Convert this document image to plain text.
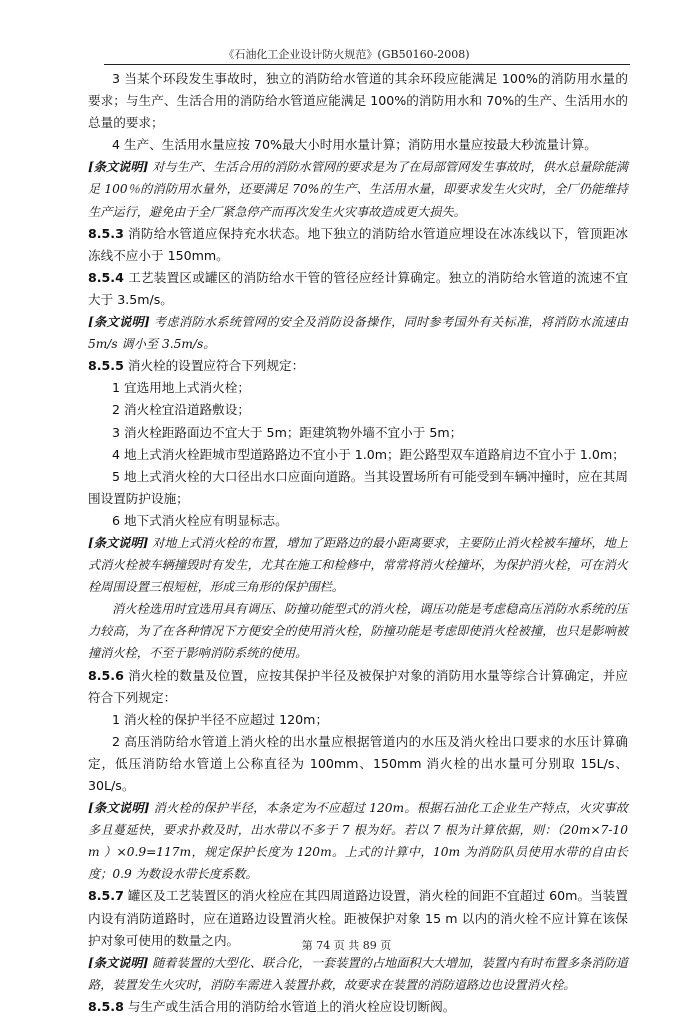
《石油化工企业设计防火规范》(GB50160-2008)

3 当某个环段发生事故时，独立的消防给水管道的其余环段应能满足 100%的消防用水量的要求；与生产、生活合用的消防给水管道应能满足 100%的消防用水和 70%的生产、生活用水的总量的要求；

4 生产、生活用水量应按 70%最大小时用水量计算；消防用水量应按最大秒流量计算。

[条文说明] 对与生产、生活合用的消防水管网的要求是为了在局部管网发生事故时，供水总量除能满足 100％的消防用水量外，还要满足 70%的生产、生活用水量，即要求发生火灾时，全厂仍能维持生产运行，避免由于全厂紧急停产而再次发生火灾事故造成更大损失。

8.5.3 消防给水管道应保持充水状态。地下独立的消防给水管道应埋设在冰冻线以下，管顶距冰冻线不应小于 150mm。

8.5.4 工艺装置区或罐区的消防给水干管的管径应经计算确定。独立的消防给水管道的流速不宜大于 3.5m/s。

[条文说明] 考虑消防水系统管网的安全及消防设备操作，同时参考国外有关标准，将消防水流速由 5m/s 调小至 3.5m/s。

8.5.5 消火栓的设置应符合下列规定：

1 宜选用地上式消火栓；

2 消火栓宜沿道路敷设；

3 消火栓距路面边不宜大于 5m；距建筑物外墙不宜小于 5m；

4 地上式消火栓距城市型道路路边不宜小于 1.0m；距公路型双车道路肩边不宜小于 1.0m；

5 地上式消火栓的大口径出水口应面向道路。当其设置场所有可能受到车辆冲撞时，应在其周围设置防护设施；

6 地下式消火栓应有明显标志。

[条文说明] 对地上式消火栓的布置，增加了距路边的最小距离要求，主要防止消火栓被车撞坏，地上式消火栓被车辆撞毁时有发生，尤其在施工和检修中，常常将消火栓撞坏，为保护消火栓，可在消火栓周围设置三根短桩，形成三角形的保护围栏。

消火栓选用时宜选用具有调压、防撞功能型式的消火栓，调压功能是考虑稳高压消防水系统的压力较高，为了在各种情况下方便安全的使用消火栓，防撞功能是考虑即使消火栓被撞，也只是影响被撞消火栓，不至于影响消防系统的使用。

8.5.6 消火栓的数量及位置，应按其保护半径及被保护对象的消防用水量等综合计算确定，并应符合下列规定：

1 消火栓的保护半径不应超过 120m；

2 高压消防给水管道上消火栓的出水量应根据管道内的水压及消火栓出口要求的水压计算确定，低压消防给水管道上公称直径为 100mm、150mm 消火栓的出水量可分别取 15L/s、30L/s。

[条文说明] 消火栓的保护半径，本条定为不应超过 120m。根据石油化工企业生产特点，火灾事故多且蔓延快，要求扑救及时，出水带以不多于 7 根为好。若以 7 根为计算依据，则：（20m×7-10 m ）×0.9=117m，规定保护长度为 120m。上式的计算中，10m 为消防队员使用水带的自由长度；0.9 为数设水带长度系数。

8.5.7 罐区及工艺装置区的消火栓应在其四周道路边设置，消火栓的间距不宜超过 60m。当装置内设有消防道路时，应在道路边设置消火栓。距被保护对象 15 m 以内的消火栓不应计算在该保护对象可使用的数量之内。

[条文说明] 随着装置的大型化、联合化，一套装置的占地面积大大增加，装置内有时布置多条消防道路，装置发生火灾时，消防车需进入装置扑救，故要求在装置的消防道路边也设置消火栓。

8.5.8 与生产或生活合用的消防给水管道上的消火栓应设切断阀。

第 74 页 共 89 页
